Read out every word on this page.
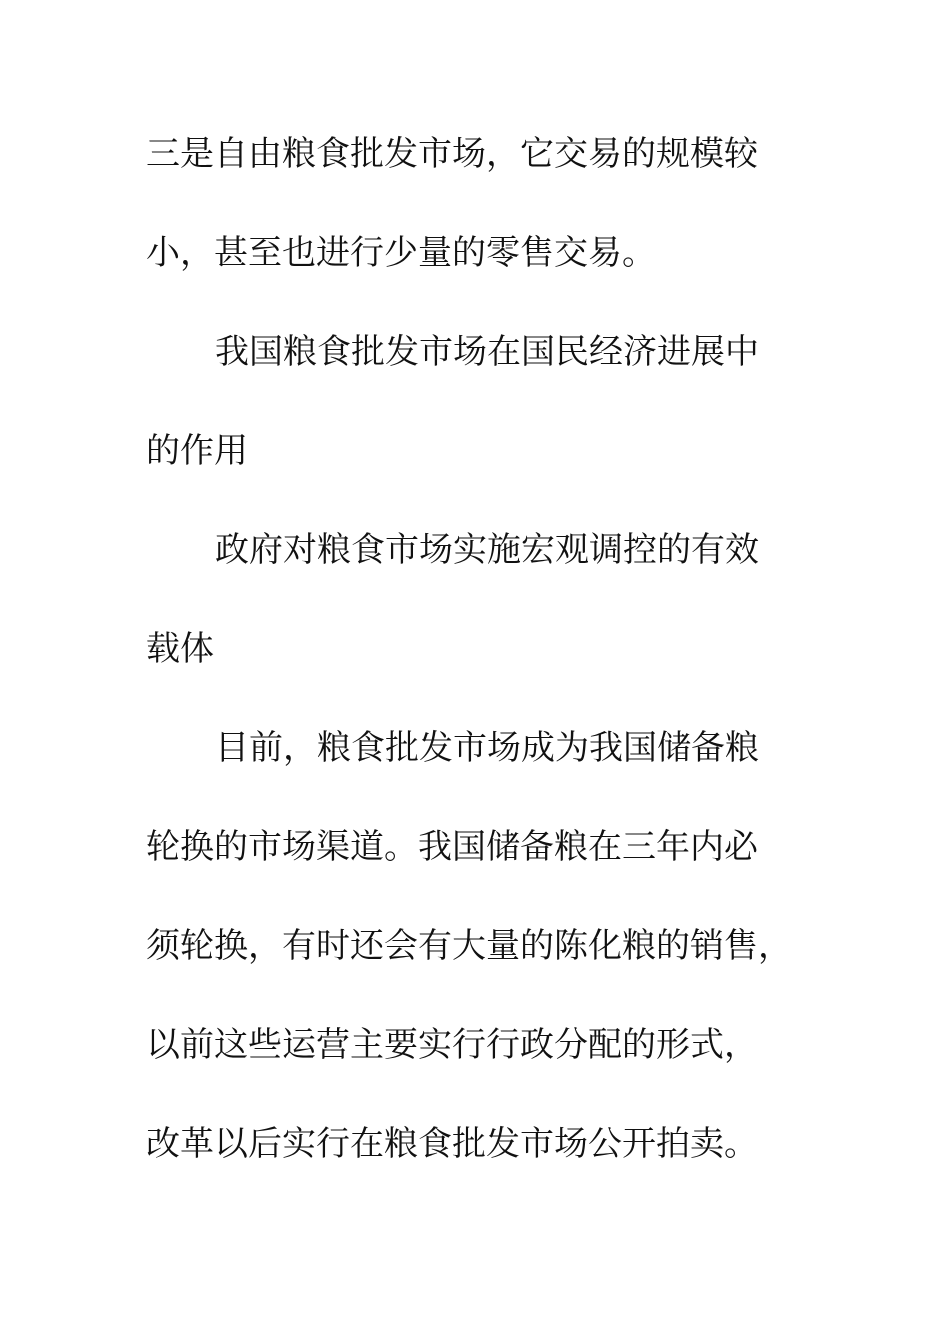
三是自由粮食批发市场，它交易的规模较
小，甚至也进行少量的零售交易。
我国粮食批发市场在国民经济进展中
的作用
政府对粮食市场实施宏观调控的有效
载体
目前，粮食批发市场成为我国储备粮
轮换的市场渠道。我国储备粮在三年内必
须轮换，有时还会有大量的陈化粮的销售，
以前这些运营主要实行行政分配的形式，
改革以后实行在粮食批发市场公开拍卖。
